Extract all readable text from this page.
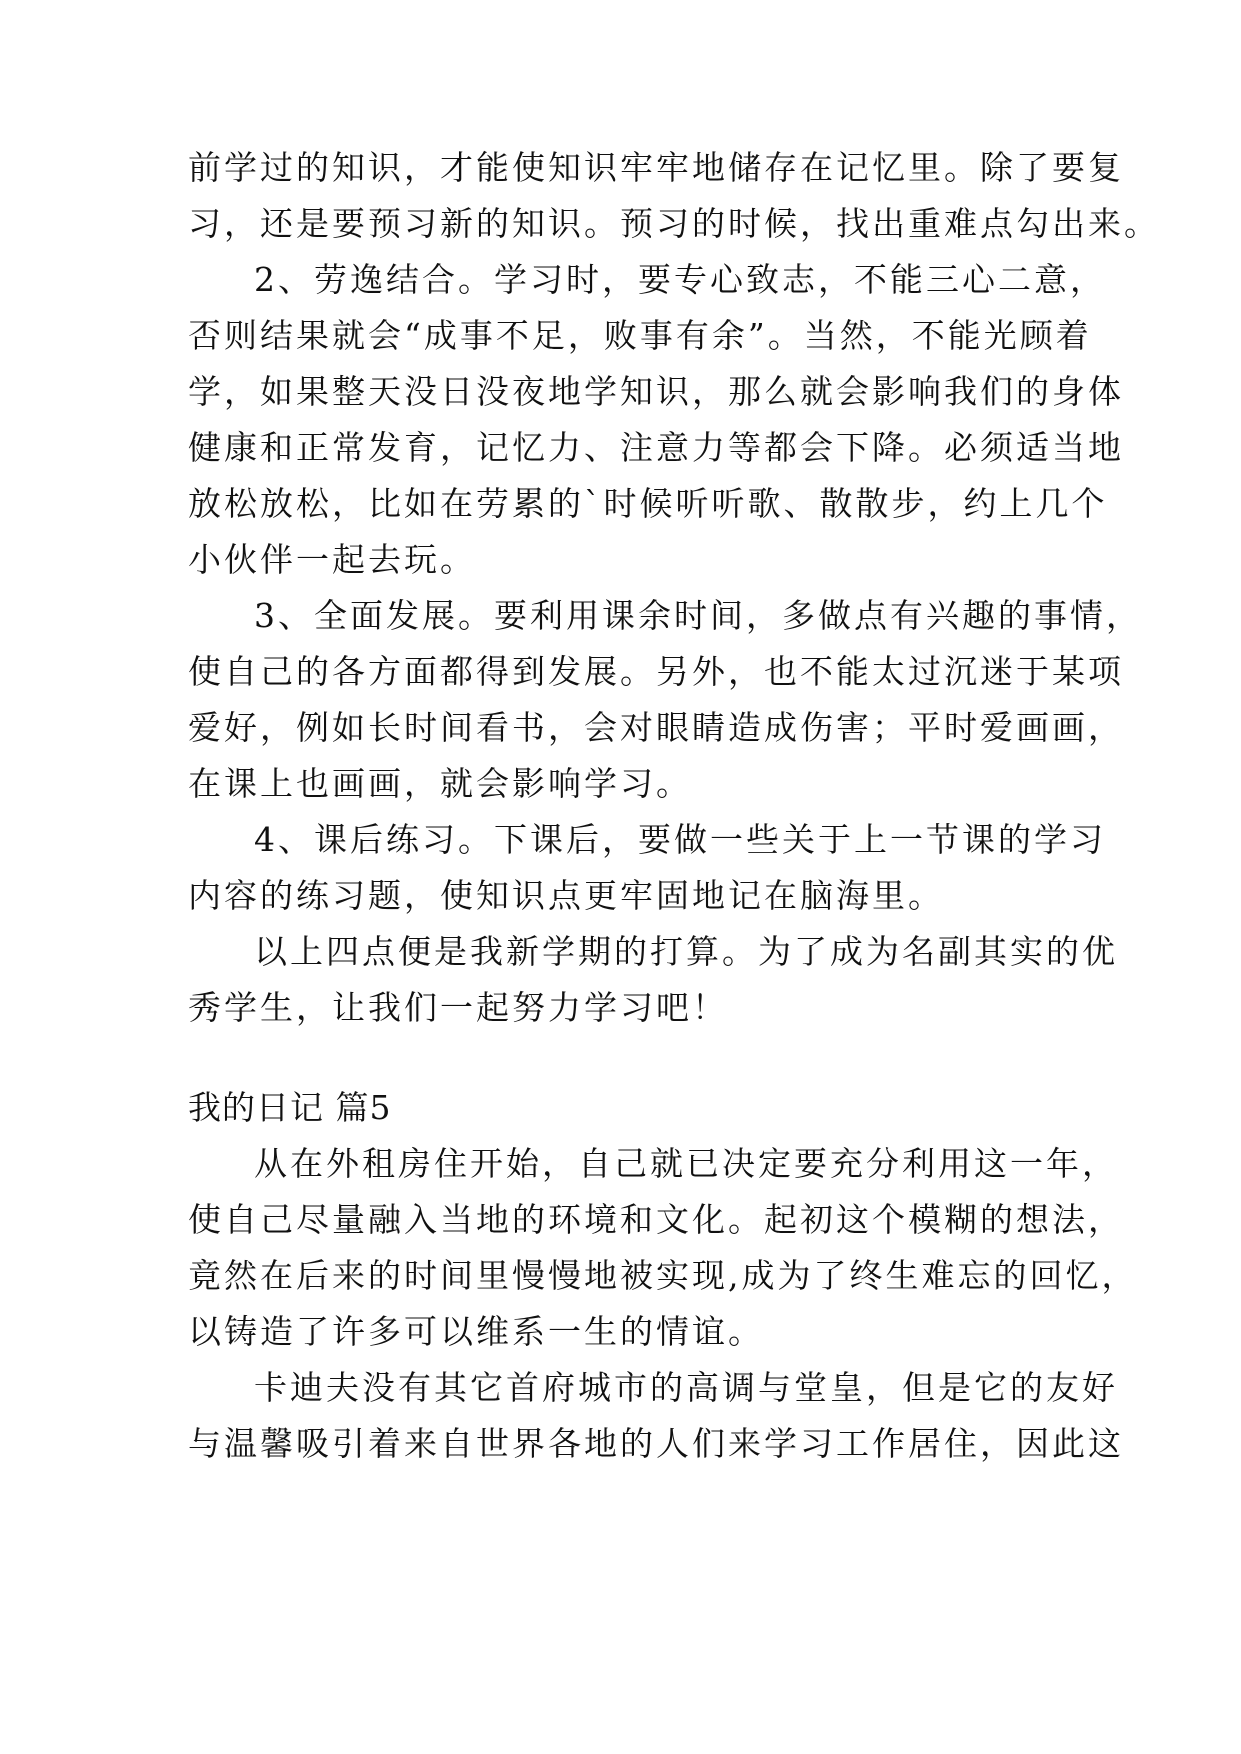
前学过的知识，才能使知识牢牢地储存在记忆里。除了要复
习，还是要预习新的知识。预习的时候，找出重难点勾出来。
2、劳逸结合。学习时，要专心致志，不能三心二意，
否则结果就会“成事不足，败事有余”。当然，不能光顾着
学，如果整天没日没夜地学知识，那么就会影响我们的身体
健康和正常发育，记忆力、注意力等都会下降。必须适当地
放松放松，比如在劳累的`时候听听歌、散散步，约上几个
小伙伴一起去玩。
3、全面发展。要利用课余时间，多做点有兴趣的事情，
使自己的各方面都得到发展。另外，也不能太过沉迷于某项
爱好，例如长时间看书，会对眼睛造成伤害；平时爱画画，
在课上也画画，就会影响学习。
4、课后练习。下课后，要做一些关于上一节课的学习
内容的练习题，使知识点更牢固地记在脑海里。
以上四点便是我新学期的打算。为了成为名副其实的优
秀学生，让我们一起努力学习吧！
我的日记 篇5
从在外租房住开始，自己就已决定要充分利用这一年，
使自己尽量融入当地的环境和文化。起初这个模糊的想法，
竟然在后来的时间里慢慢地被实现,成为了终生难忘的回忆，
以铸造了许多可以维系一生的情谊。
卡迪夫没有其它首府城市的高调与堂皇，但是它的友好
与温馨吸引着来自世界各地的人们来学习工作居住，因此这
